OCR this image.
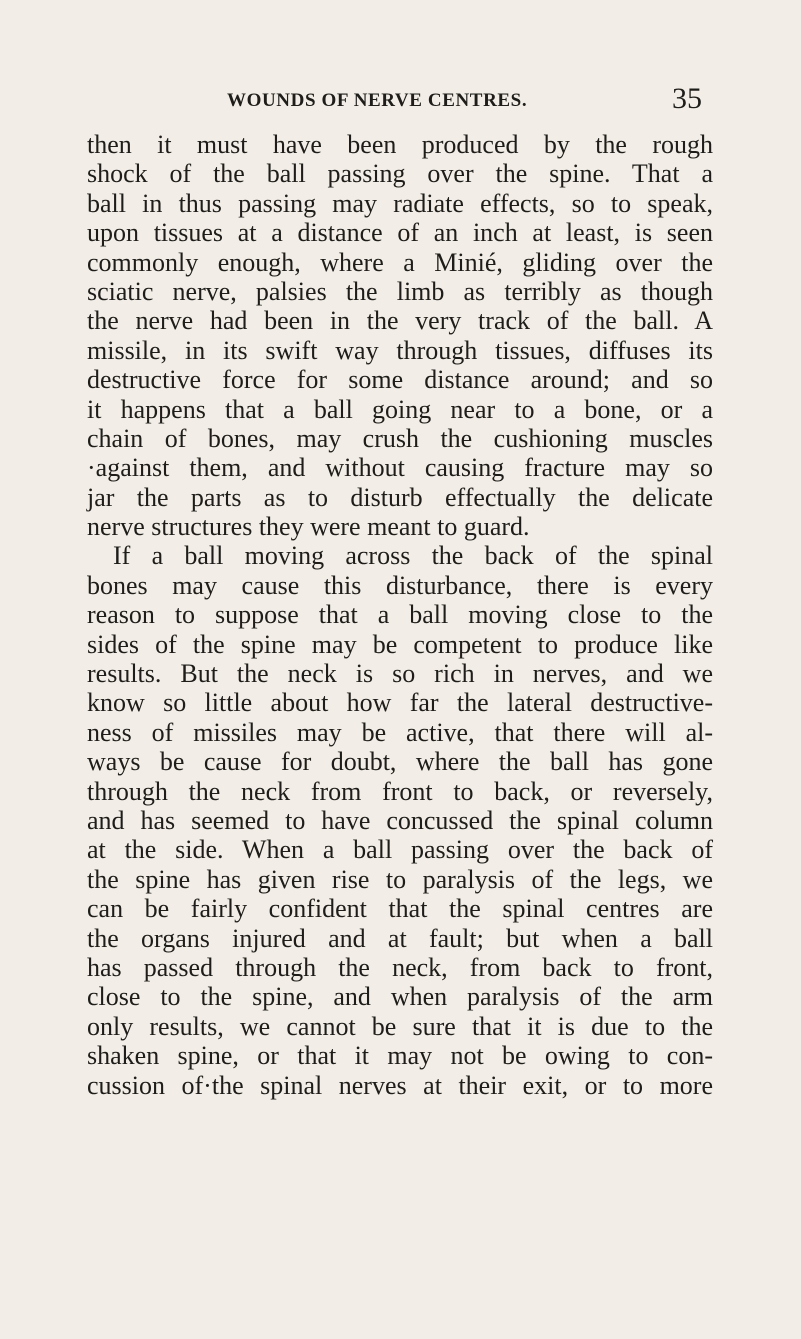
WOUNDS OF NERVE CENTRES.	35
then it must have been produced by the rough
shock of the ball passing over the spine. That a
ball in thus passing may radiate effects, so to speak,
upon tissues at a distance of an inch at least, is seen
commonly enough, where a Minié, gliding over the
sciatic nerve, palsies the limb as terribly as though
the nerve had been in the very track of the ball. A
missile, in its swift way through tissues, diffuses its
destructive force for some distance around; and so
it happens that a ball going near to a bone, or a
chain of bones, may crush the cushioning muscles
·against them, and without causing fracture may so
jar the parts as to disturb effectually the delicate
nerve structures they were meant to guard.
If a ball moving across the back of the spinal
bones may cause this disturbance, there is every
reason to suppose that a ball moving close to the
sides of the spine may be competent to produce like
results. But the neck is so rich in nerves, and we
know so little about how far the lateral destructive-
ness of missiles may be active, that there will al-
ways be cause for doubt, where the ball has gone
through the neck from front to back, or reversely,
and has seemed to have concussed the spinal column
at the side. When a ball passing over the back of
the spine has given rise to paralysis of the legs, we
can be fairly confident that the spinal centres are
the organs injured and at fault; but when a ball
has passed through the neck, from back to front,
close to the spine, and when paralysis of the arm
only results, we cannot be sure that it is due to the
shaken spine, or that it may not be owing to con-
cussion of·the spinal nerves at their exit, or to more
